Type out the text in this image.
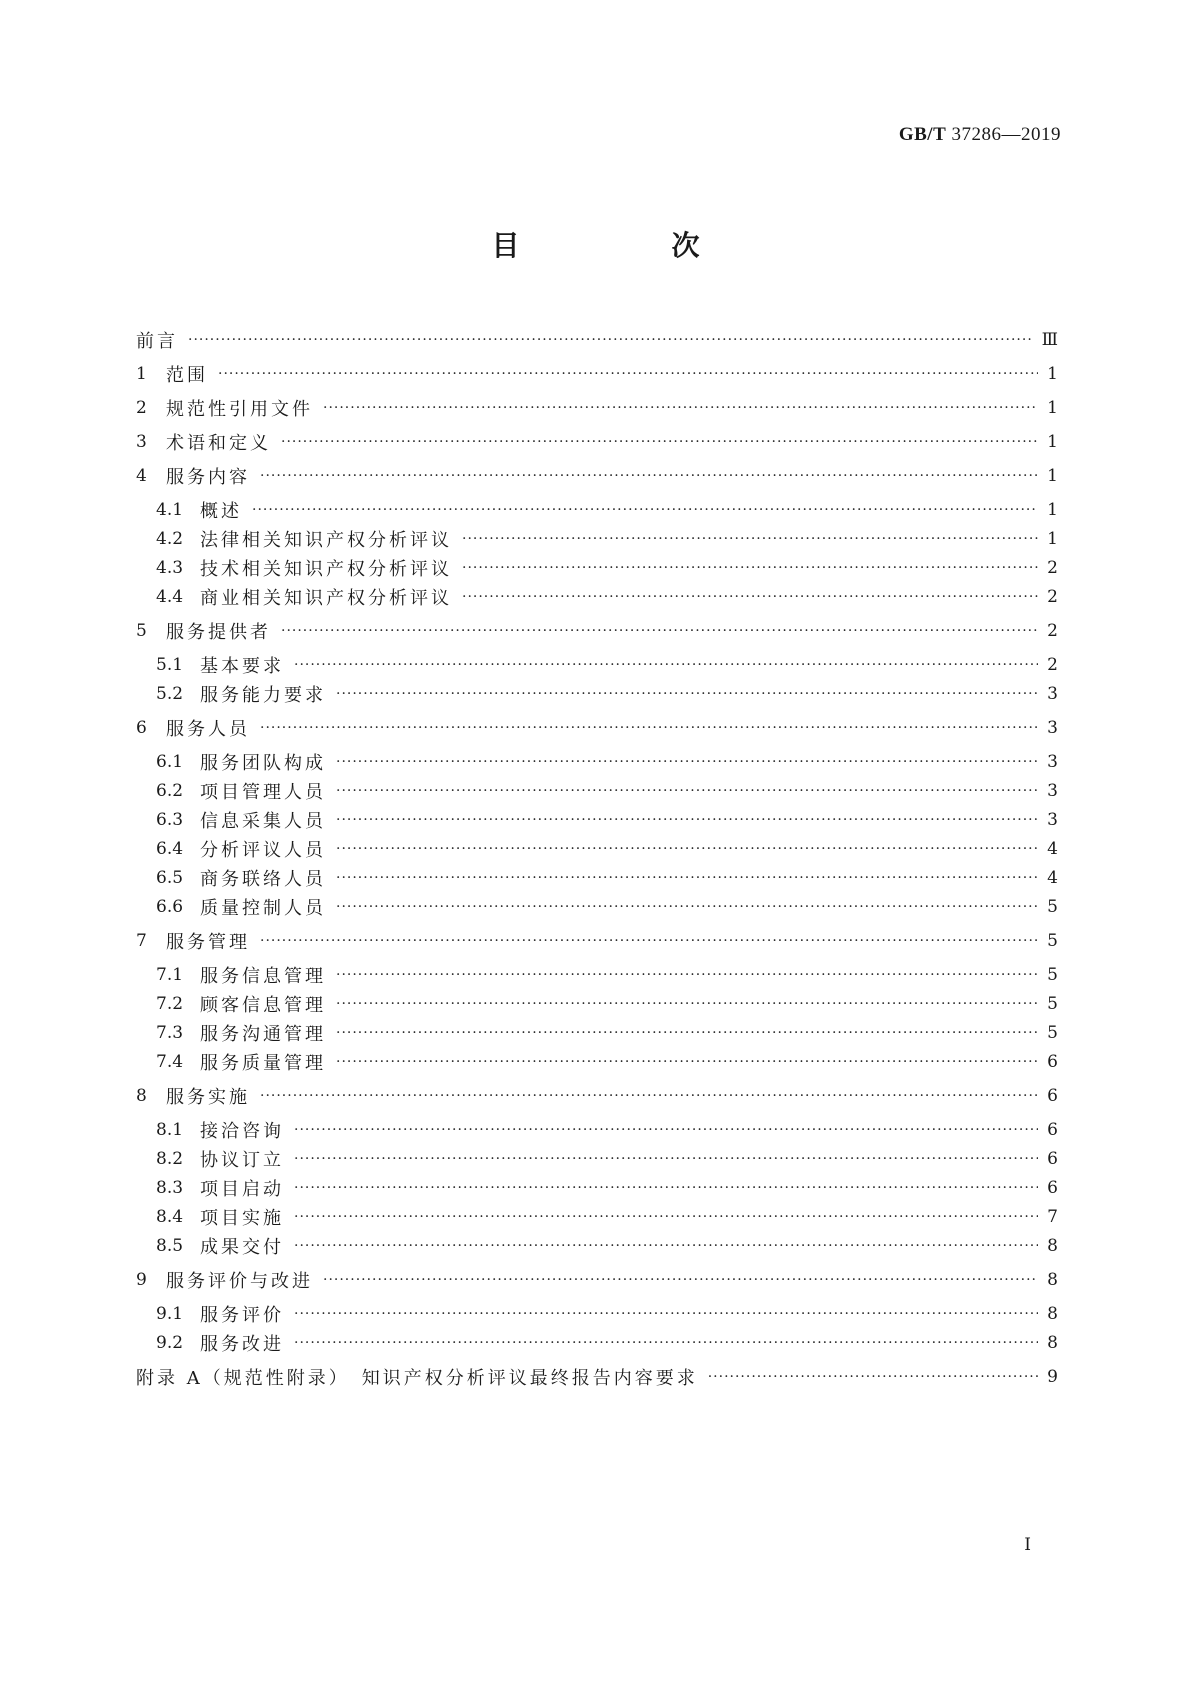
GB/T 37286—2019
目　次
前言 ·····	Ⅲ
1 范围 ·····	1
2 规范性引用文件 ·····	1
3 术语和定义 ·····	1
4 服务内容 ·····	1
4.1 概述 ·····	1
4.2 法律相关知识产权分析评议 ·····	1
4.3 技术相关知识产权分析评议 ·····	2
4.4 商业相关知识产权分析评议 ·····	2
5 服务提供者 ·····	2
5.1 基本要求 ·····	2
5.2 服务能力要求 ·····	3
6 服务人员 ·····	3
6.1 服务团队构成 ·····	3
6.2 项目管理人员 ·····	3
6.3 信息采集人员 ·····	3
6.4 分析评议人员 ·····	4
6.5 商务联络人员 ·····	4
6.6 质量控制人员 ·····	5
7 服务管理 ·····	5
7.1 服务信息管理 ·····	5
7.2 顾客信息管理 ·····	5
7.3 服务沟通管理 ·····	5
7.4 服务质量管理 ·····	6
8 服务实施 ·····	6
8.1 接洽咨询 ·····	6
8.2 协议订立 ·····	6
8.3 项目启动 ·····	6
8.4 项目实施 ·····	7
8.5 成果交付 ·····	8
9 服务评价与改进 ·····	8
9.1 服务评价 ·····	8
9.2 服务改进 ·····	8
附录 A（规范性附录）　知识产权分析评议最终报告内容要求 ·····	9
I
